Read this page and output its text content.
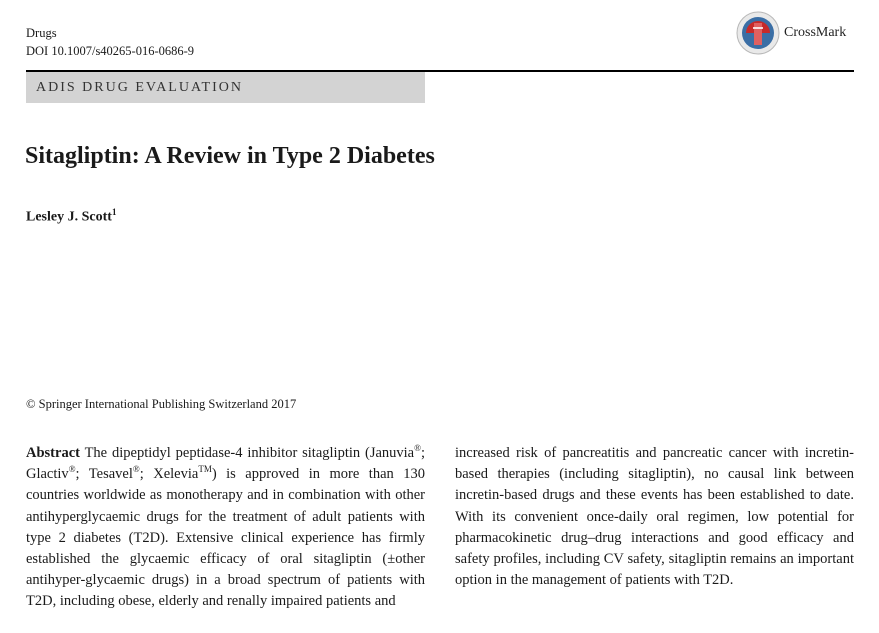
Drugs
DOI 10.1007/s40265-016-0686-9
CrossMark
ADIS DRUG EVALUATION
Sitagliptin: A Review in Type 2 Diabetes
Lesley J. Scott$^1$
© Springer International Publishing Switzerland 2017
Abstract The dipeptidyl peptidase-4 inhibitor sitagliptin (Januvia®; Glactiv®; Tesavel®; Xelevia™) is approved in more than 130 countries worldwide as monotherapy and in combination with other antihyperglycaemic drugs for the treatment of adult patients with type 2 diabetes (T2D). Extensive clinical experience has firmly established the glycaemic efficacy of oral sitagliptin (±other antihyper-glycaemic drugs) in a broad spectrum of patients with T2D, including obese, elderly and renally impaired patients and
increased risk of pancreatitis and pancreatic cancer with incretin-based therapies (including sitagliptin), no causal link between incretin-based drugs and these events has been established to date. With its convenient once-daily oral regimen, low potential for pharmacokinetic drug–drug interactions and good efficacy and safety profiles, including CV safety, sitagliptin remains an important option in the management of patients with T2D.
